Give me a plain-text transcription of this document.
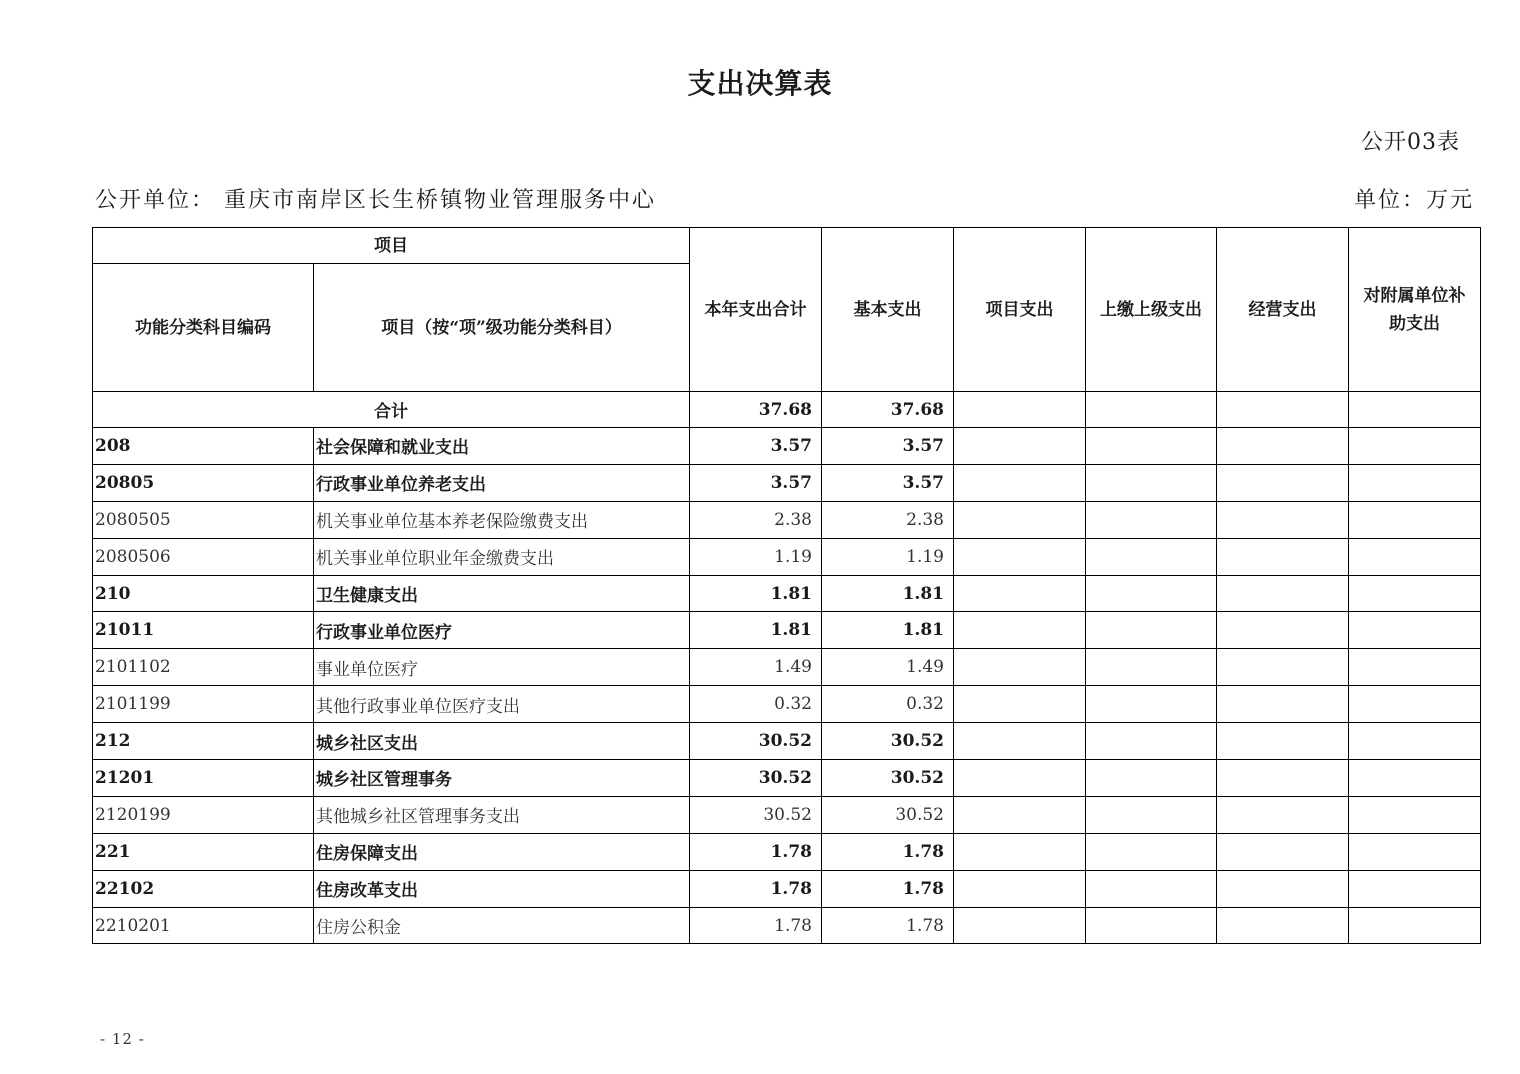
支出决算表
公开03表
公开单位： 重庆市南岸区长生桥镇物业管理服务中心	单位：万元
项目		本年支出合计	基本支出	项目支出	上缴上级支出	经营支出	对附属单位补助支出
功能分类科目编码	项目（按“项”级功能分类科目）						
合计		37.68	37.68				
208	社会保障和就业支出	3.57	3.57				
20805	行政事业单位养老支出	3.57	3.57				
2080505	机关事业单位基本养老保险缴费支出	2.38	2.38				
2080506	机关事业单位职业年金缴费支出	1.19	1.19				
210	卫生健康支出	1.81	1.81				
21011	行政事业单位医疗	1.81	1.81				
2101102	事业单位医疗	1.49	1.49				
2101199	其他行政事业单位医疗支出	0.32	0.32				
212	城乡社区支出	30.52	30.52				
21201	城乡社区管理事务	30.52	30.52				
2120199	其他城乡社区管理事务支出	30.52	30.52				
221	住房保障支出	1.78	1.78				
22102	住房改革支出	1.78	1.78				
2210201	住房公积金	1.78	1.78				
- 12 -
